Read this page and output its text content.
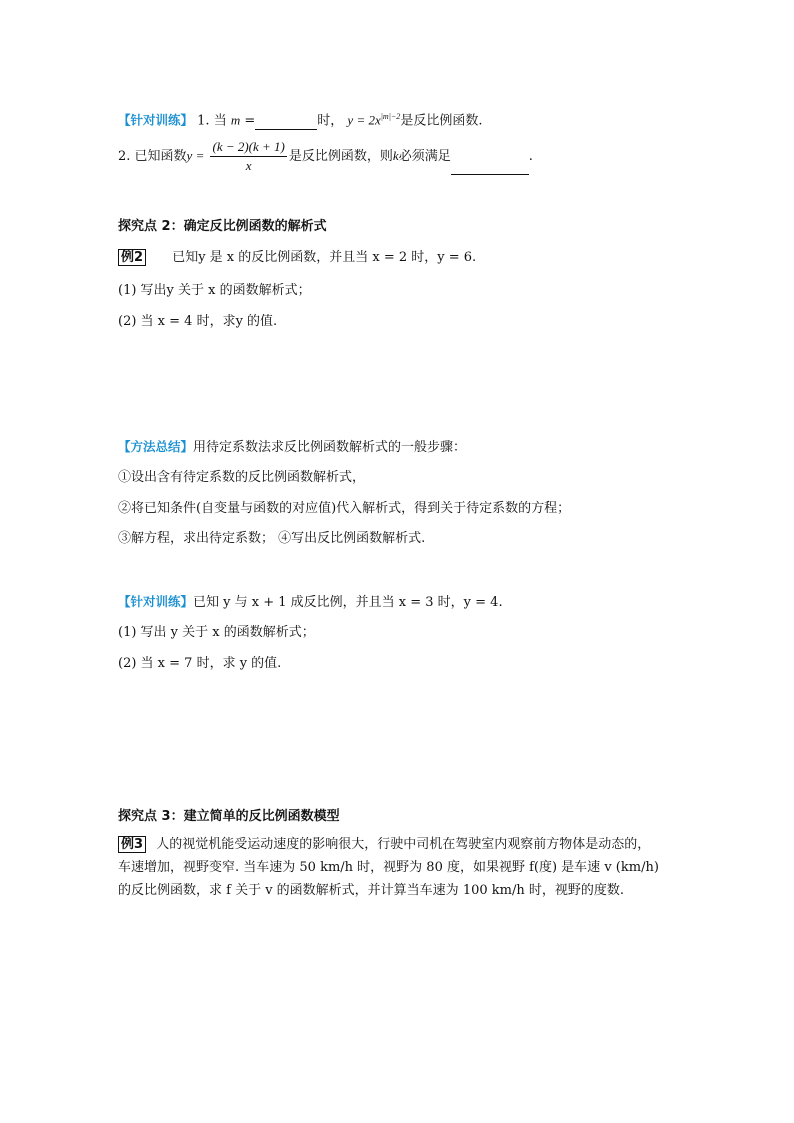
【针对训练】 1. 当 m =	时， $y = 2x^{|m|-2}$是反比例函数.
2. 已知函数$y = \frac{(k - 2)(k + 1)}{x}$ 是反比例函数，则k必须满足	.
探究点 2：确定反比例函数的解析式
例2 已知y 是 x 的反比例函数，并且当 x = 2 时，y = 6.
(1) 写出y 关于 x 的函数解析式；
(2) 当 x = 4 时，求y 的值.
【方法总结】用待定系数法求反比例函数解析式的一般步骤：
①设出含有待定系数的反比例函数解析式，
②将已知条件(自变量与函数的对应值)代入解析式，得到关于待定系数的方程；
③解方程，求出待定系数； ④写出反比例函数解析式.
【针对训练】已知 y 与 x + 1 成反比例，并且当 x = 3 时，y = 4.
(1) 写出 y 关于 x 的函数解析式；
(2) 当 x = 7 时，求 y 的值.
探究点 3：建立简单的反比例函数模型
例3 人的视觉机能受运动速度的影响很大，行驶中司机在驾驶室内观察前方物体是动态的，
车速增加，视野变窄. 当车速为 50 km/h 时，视野为 80 度，如果视野 f(度) 是车速 v (km/h)
的反比例函数，求 f 关于 v 的函数解析式，并计算当车速为 100 km/h 时，视野的度数.
